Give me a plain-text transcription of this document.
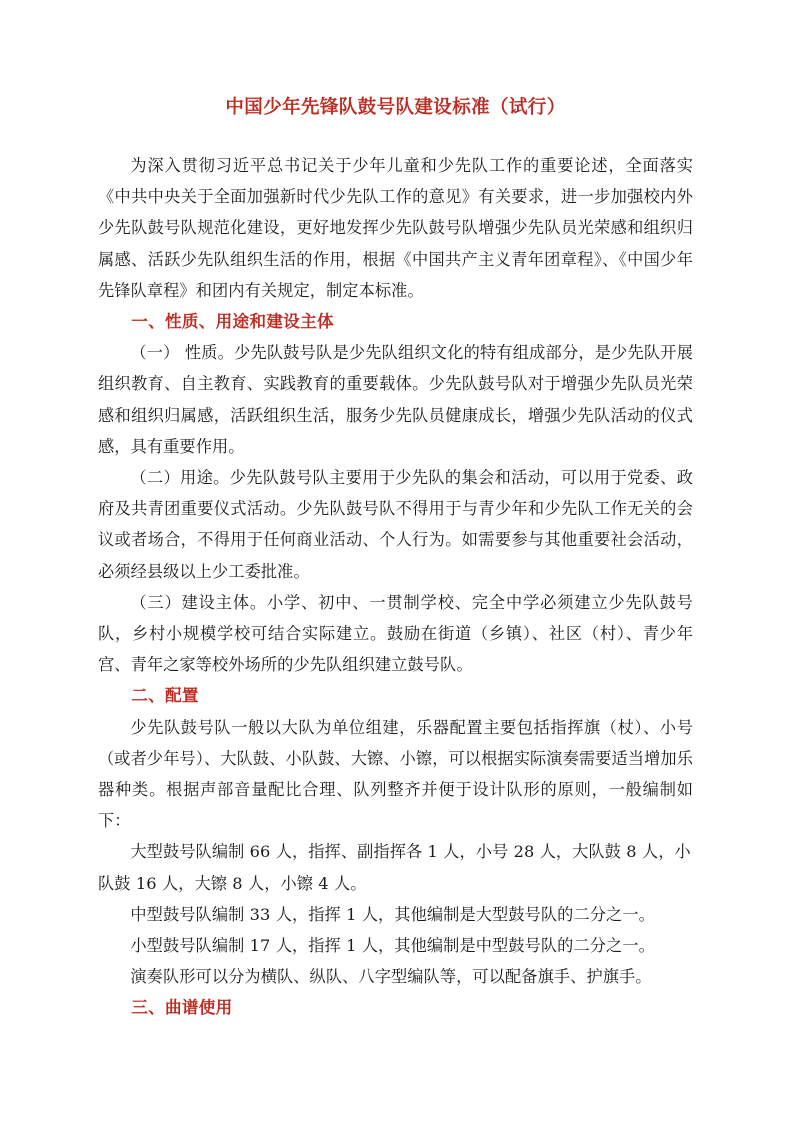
中国少年先锋队鼓号队建设标准（试行）

为深入贯彻习近平总书记关于少年儿童和少先队工作的重要论述，全面落实《中共中央关于全面加强新时代少先队工作的意见》有关要求，进一步加强校内外少先队鼓号队规范化建设，更好地发挥少先队鼓号队增强少先队员光荣感和组织归属感、活跃少先队组织生活的作用，根据《中国共产主义青年团章程》、《中国少年先锋队章程》和团内有关规定，制定本标准。

一、性质、用途和建设主体

（一） 性质。少先队鼓号队是少先队组织文化的特有组成部分，是少先队开展组织教育、自主教育、实践教育的重要载体。少先队鼓号队对于增强少先队员光荣感和组织归属感，活跃组织生活，服务少先队员健康成长，增强少先队活动的仪式感，具有重要作用。

（二）用途。少先队鼓号队主要用于少先队的集会和活动，可以用于党委、政府及共青团重要仪式活动。少先队鼓号队不得用于与青少年和少先队工作无关的会议或者场合，不得用于任何商业活动、个人行为。如需要参与其他重要社会活动，必须经县级以上少工委批准。

（三）建设主体。小学、初中、一贯制学校、完全中学必须建立少先队鼓号队，乡村小规模学校可结合实际建立。鼓励在街道（乡镇）、社区（村）、青少年宫、青年之家等校外场所的少先队组织建立鼓号队。

二、配置

少先队鼓号队一般以大队为单位组建，乐器配置主要包括指挥旗（杖）、小号（或者少年号）、大队鼓、小队鼓、大镲、小镲，可以根据实际演奏需要适当增加乐器种类。根据声部音量配比合理、队列整齐并便于设计队形的原则，一般编制如下：

大型鼓号队编制 66 人，指挥、副指挥各 1 人，小号 28 人，大队鼓 8 人，小队鼓 16 人，大镲 8 人，小镲 4 人。

中型鼓号队编制 33 人，指挥 1 人，其他编制是大型鼓号队的二分之一。

小型鼓号队编制 17 人，指挥 1 人，其他编制是中型鼓号队的二分之一。

演奏队形可以分为横队、纵队、八字型编队等，可以配备旗手、护旗手。

三、曲谱使用
